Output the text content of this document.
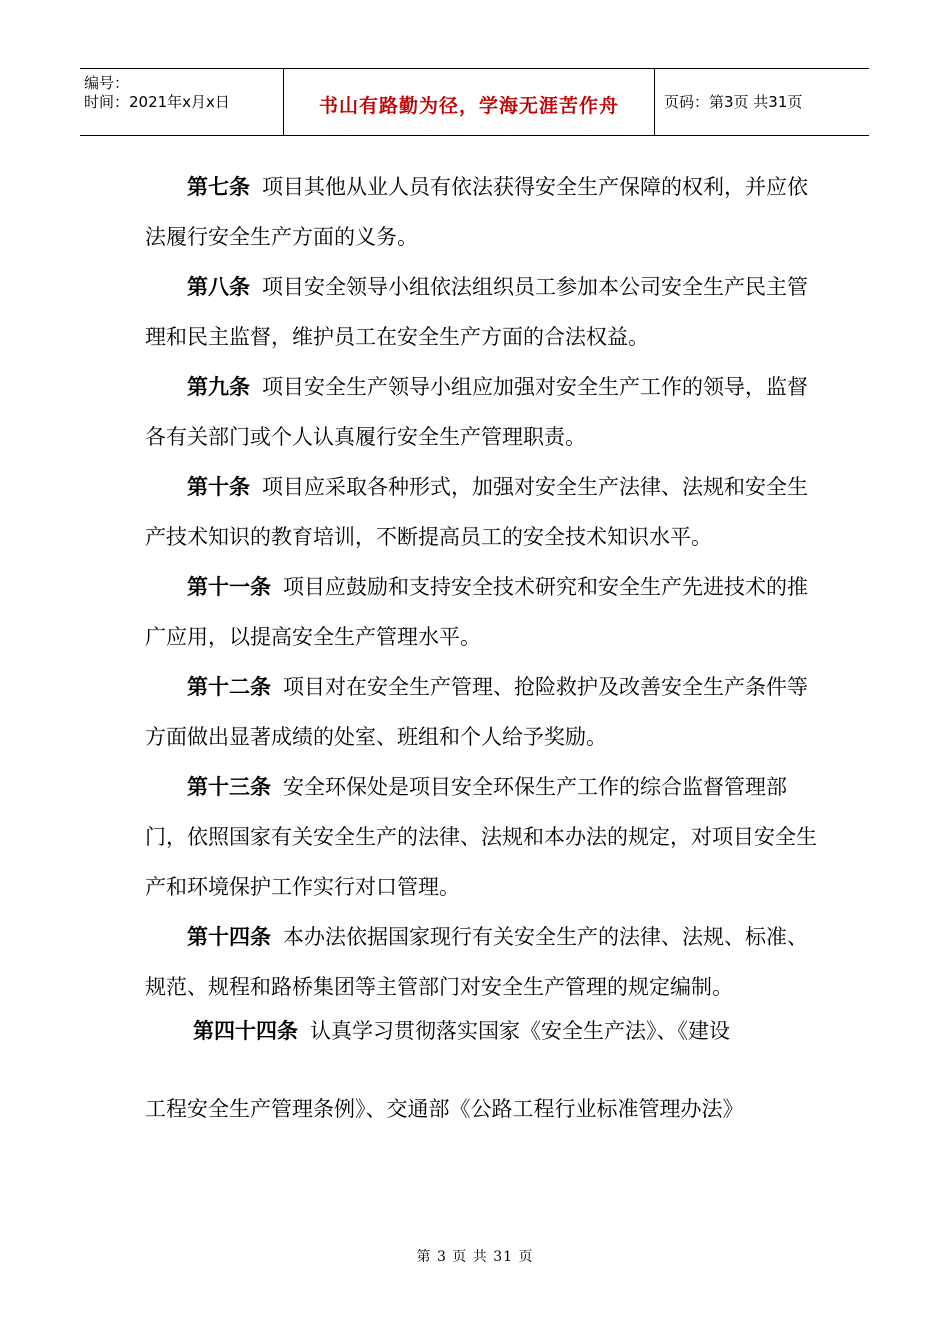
编号：
时间：2021年x月x日	书山有路勤为径，学海无涯苦作舟	页码：第3页 共31页

第七条 项目其他从业人员有依法获得安全生产保障的权利，并应依法履行安全生产方面的义务。

第八条 项目安全领导小组依法组织员工参加本公司安全生产民主管理和民主监督，维护员工在安全生产方面的合法权益。

第九条 项目安全生产领导小组应加强对安全生产工作的领导，监督各有关部门或个人认真履行安全生产管理职责。

第十条 项目应采取各种形式，加强对安全生产法律、法规和安全生产技术知识的教育培训，不断提高员工的安全技术知识水平。

第十一条 项目应鼓励和支持安全技术研究和安全生产先进技术的推广应用，以提高安全生产管理水平。

第十二条 项目对在安全生产管理、抢险救护及改善安全生产条件等方面做出显著成绩的处室、班组和个人给予奖励。

第十三条 安全环保处是项目安全环保生产工作的综合监督管理部门，依照国家有关安全生产的法律、法规和本办法的规定，对项目安全生产和环境保护工作实行对口管理。

第十四条 本办法依据国家现行有关安全生产的法律、法规、标准、规范、规程和路桥集团等主管部门对安全生产管理的规定编制。

第四十四条 认真学习贯彻落实国家《安全生产法》、《建设
工程安全生产管理条例》、交通部《公路工程行业标准管理办法》
第 3 页 共 31 页
